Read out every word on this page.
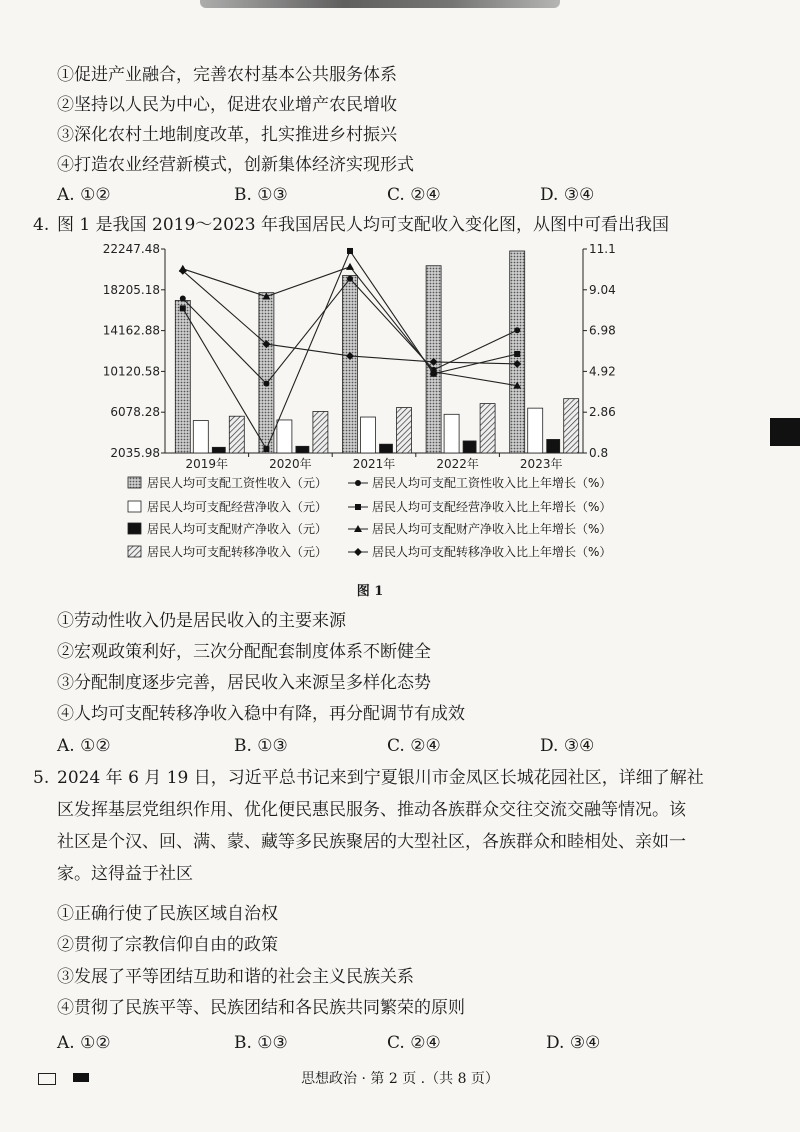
①促进产业融合，完善农村基本公共服务体系
②坚持以人民为中心，促进农业增产农民增收
③深化农村土地制度改革，扎实推进乡村振兴
④打造农业经营新模式，创新集体经济实现形式
A. ①②	B. ①③	C. ②④	D. ③④
4. 图 1 是我国 2019～2023 年我国居民人均可支配收入变化图，从图中可看出我国
22247.48
18205.18
14162.88
10120.58
6078.28
2035.98
11.1
9.04
6.98
4.92
2.86
0.8
2019年	2020年	2021年	2022年	2023年
居民人均可支配工资性收入（元）
居民人均可支配经营净收入（元）
居民人均可支配财产净收入（元）
居民人均可支配转移净收入（元）
居民人均可支配工资性收入比上年增长（%）
居民人均可支配经营净收入比上年增长（%）
居民人均可支配财产净收入比上年增长（%）
居民人均可支配转移净收入比上年增长（%）
图 1
①劳动性收入仍是居民收入的主要来源
②宏观政策利好，三次分配配套制度体系不断健全
③分配制度逐步完善，居民收入来源呈多样化态势
④人均可支配转移净收入稳中有降，再分配调节有成效
A. ①②	B. ①③	C. ②④	D. ③④
5. 2024 年 6 月 19 日，习近平总书记来到宁夏银川市金凤区长城花园社区，详细了解社
区发挥基层党组织作用、优化便民惠民服务、推动各族群众交往交流交融等情况。该
社区是个汉、回、满、蒙、藏等多民族聚居的大型社区，各族群众和睦相处、亲如一
家。这得益于社区
①正确行使了民族区域自治权
②贯彻了宗教信仰自由的政策
③发展了平等团结互助和谐的社会主义民族关系
④贯彻了民族平等、民族团结和各民族共同繁荣的原则
A. ①②	B. ①③	C. ②④	D. ③④
思想政治 · 第 2 页 .（共 8 页）
